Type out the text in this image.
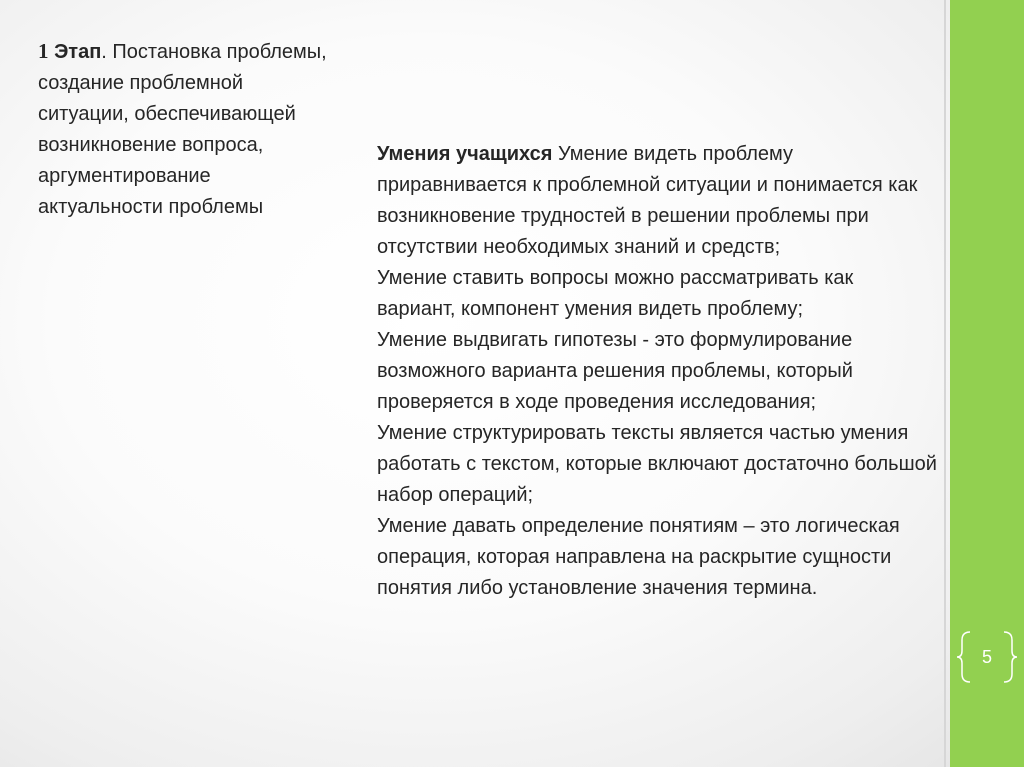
1 Этап. Постановка проблемы, создание проблемной ситуации, обеспечивающей возникновение вопроса, аргументирование актуальности проблемы
Умения учащихся Умение видеть проблему приравнивается к проблемной ситуации и понимается как возникновение трудностей в решении проблемы при отсутствии необходимых знаний и средств;
Умение ставить вопросы можно рассматривать как вариант, компонент умения видеть проблему;
Умение выдвигать гипотезы - это формулирование возможного варианта решения проблемы, который проверяется в ходе проведения исследования;
Умение структурировать тексты является частью умения работать с текстом, которые включают достаточно большой набор операций;
Умение давать определение понятиям – это логическая операция, которая направлена на раскрытие сущности понятия либо установление значения термина.
5
